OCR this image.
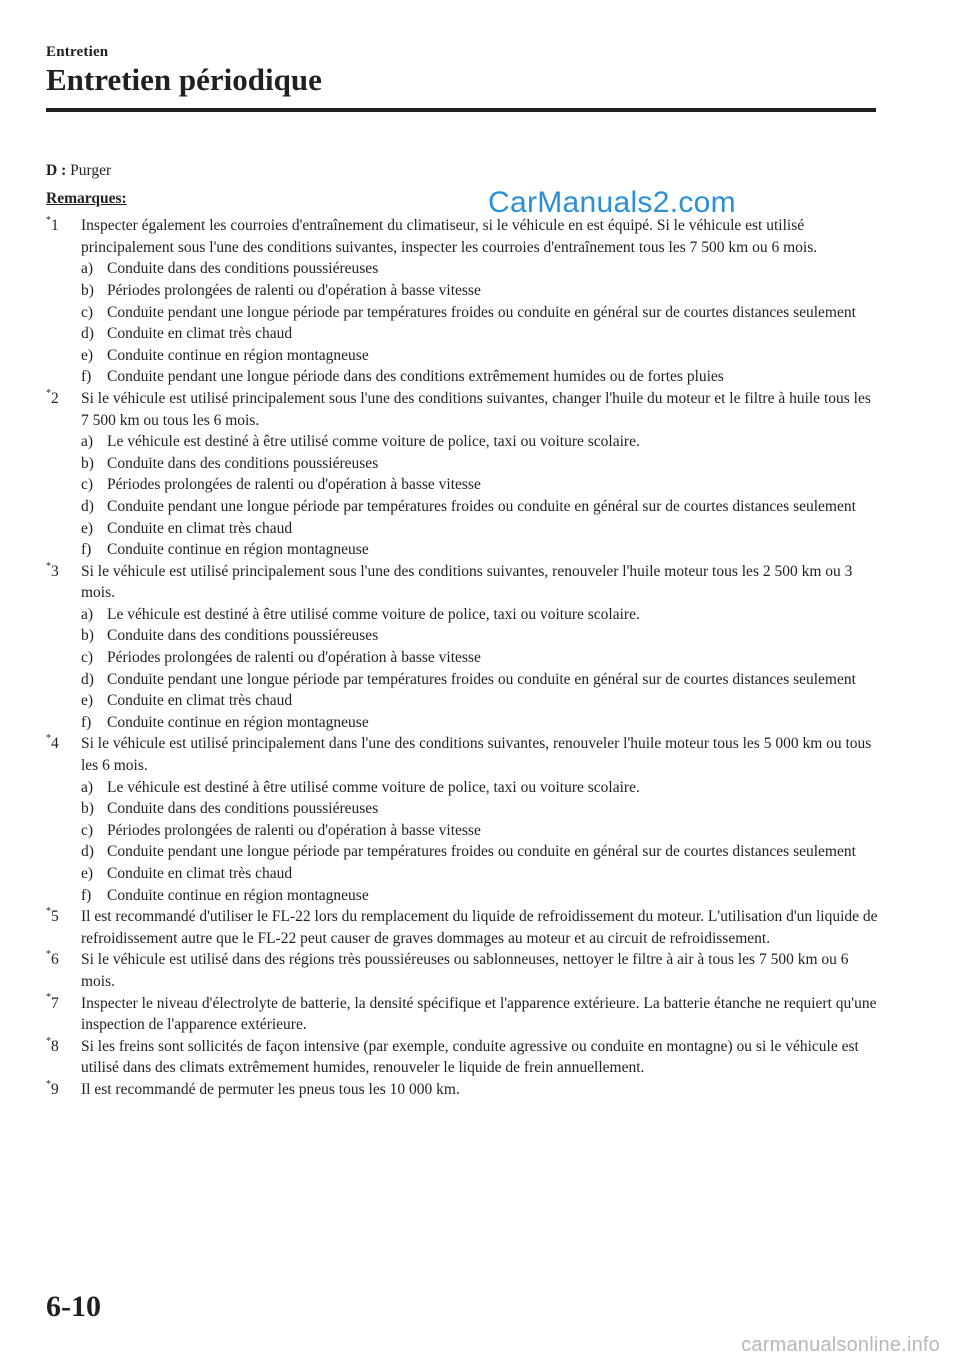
Entretien
Entretien périodique
CarManuals2.com

D : Purger

Remarques:

*1 Inspecter également les courroies d'entraînement du climatiseur, si le véhicule en est équipé. Si le véhicule est utilisé principalement sous l'une des conditions suivantes, inspecter les courroies d'entraînement tous les 7 500 km ou 6 mois.

a) Conduite dans des conditions poussiéreuses
b) Périodes prolongées de ralenti ou d'opération à basse vitesse
c) Conduite pendant une longue période par températures froides ou conduite en général sur de courtes distances seulement
d) Conduite en climat très chaud
e) Conduite continue en région montagneuse
f) Conduite pendant une longue période dans des conditions extrêmement humides ou de fortes pluies
*2 Si le véhicule est utilisé principalement sous l'une des conditions suivantes, changer l'huile du moteur et le filtre à huile tous les 7 500 km ou tous les 6 mois.

a) Le véhicule est destiné à être utilisé comme voiture de police, taxi ou voiture scolaire.
b) Conduite dans des conditions poussiéreuses
c) Périodes prolongées de ralenti ou d'opération à basse vitesse
d) Conduite pendant une longue période par températures froides ou conduite en général sur de courtes distances seulement
e) Conduite en climat très chaud
f) Conduite continue en région montagneuse
*3 Si le véhicule est utilisé principalement sous l'une des conditions suivantes, renouveler l'huile moteur tous les 2 500 km ou 3 mois.

a) Le véhicule est destiné à être utilisé comme voiture de police, taxi ou voiture scolaire.
b) Conduite dans des conditions poussiéreuses
c) Périodes prolongées de ralenti ou d'opération à basse vitesse
d) Conduite pendant une longue période par températures froides ou conduite en général sur de courtes distances seulement
e) Conduite en climat très chaud
f) Conduite continue en région montagneuse
*4 Si le véhicule est utilisé principalement dans l'une des conditions suivantes, renouveler l'huile moteur tous les 5 000 km ou tous les 6 mois.

a) Le véhicule est destiné à être utilisé comme voiture de police, taxi ou voiture scolaire.
b) Conduite dans des conditions poussiéreuses
c) Périodes prolongées de ralenti ou d'opération à basse vitesse
d) Conduite pendant une longue période par températures froides ou conduite en général sur de courtes distances seulement
e) Conduite en climat très chaud
f) Conduite continue en région montagneuse
*5 Il est recommandé d'utiliser le FL-22 lors du remplacement du liquide de refroidissement du moteur. L'utilisation d'un liquide de refroidissement autre que le FL-22 peut causer de graves dommages au moteur et au circuit de refroidissement.

*6 Si le véhicule est utilisé dans des régions très poussiéreuses ou sablonneuses, nettoyer le filtre à air à tous les 7 500 km ou 6 mois.

*7 Inspecter le niveau d'électrolyte de batterie, la densité spécifique et l'apparence extérieure. La batterie étanche ne requiert qu'une inspection de l'apparence extérieure.

*8 Si les freins sont sollicités de façon intensive (par exemple, conduite agressive ou conduite en montagne) ou si le véhicule est utilisé dans des climats extrêmement humides, renouveler le liquide de frein annuellement.

*9 Il est recommandé de permuter les pneus tous les 10 000 km.

6-10
carmanualsonline.info
